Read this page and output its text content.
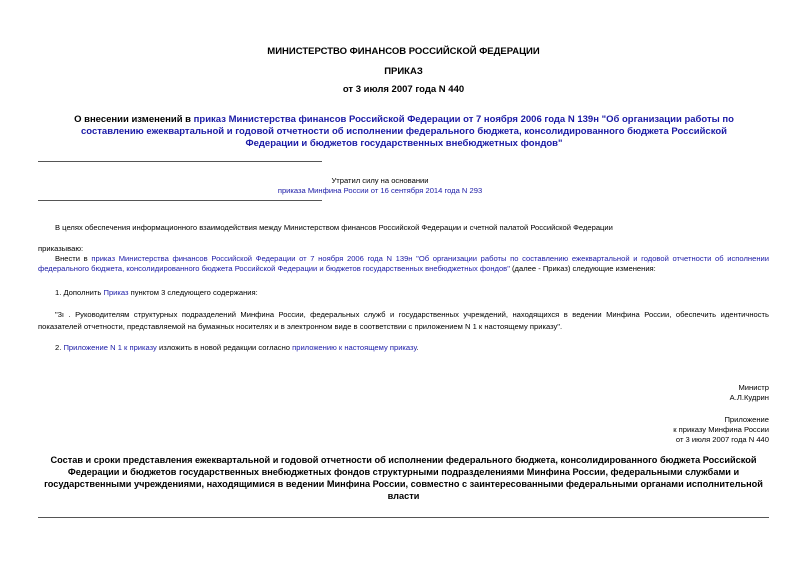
МИНИСТЕРСТВО ФИНАНСОВ РОССИЙСКОЙ ФЕДЕРАЦИИ
ПРИКАЗ
от 3 июля 2007 года N 440
О внесении изменений в приказ Министерства финансов Российской Федерации от 7 ноября 2006 года N 139н "Об организации работы по составлению ежеквартальной и годовой отчетности об исполнении федерального бюджета, консолидированного бюджета Российской Федерации и бюджетов государственных внебюджетных фондов"
Утратил силу на основании
приказа Минфина России от 16 сентября 2014 года N 293
В целях обеспечения информационного взаимодействия между Министерством финансов Российской Федерации и счетной палатой Российской Федерации
приказываю:
Внести в приказ Министерства финансов Российской Федерации от 7 ноября 2006 года N 139н "Об организации работы по составлению ежеквартальной и годовой отчетности об исполнении федерального бюджета, консолидированного бюджета Российской Федерации и бюджетов государственных внебюджетных фондов" (далее - Приказ) следующие изменения:
1. Дополнить Приказ пунктом 3 следующего содержания:
"3ı . Руководителям структурных подразделений Минфина России, федеральных служб и государственных учреждений, находящихся в ведении Минфина России, обеспечить идентичность показателей отчетности, представляемой на бумажных носителях и в электронном виде в соответствии с приложением N 1 к настоящему приказу".
2. Приложение N 1 к приказу изложить в новой редакции согласно приложению к настоящему приказу.
Министр
А.Л.Кудрин
Приложение
к приказу Минфина России
от 3 июля 2007 года N 440
Состав и сроки представления ежеквартальной и годовой отчетности об исполнении федерального бюджета, консолидированного бюджета Российской Федерации и бюджетов государственных внебюджетных фондов структурными подразделениями Минфина России, федеральными службами и государственными учреждениями, находящимися в ведении Минфина России, совместно с заинтересованными федеральными органами исполнительной власти
